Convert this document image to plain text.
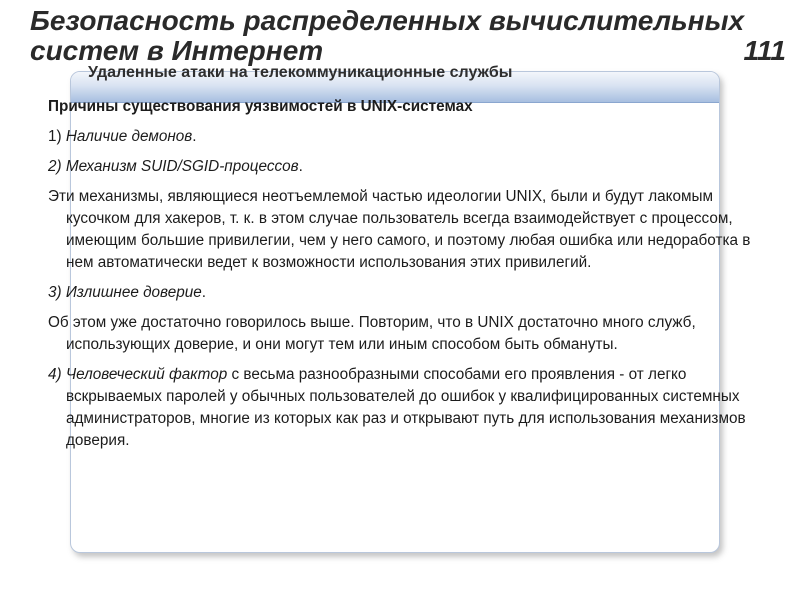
Безопасность распределенных вычислительных систем в Интернет	111
Удаленные атаки на телекоммуникационные службы

Причины существования уязвимостей в UNIX-системах

1) Наличие демонов.

2) Механизм SUID/SGID-процессов.

Эти механизмы, являющиеся неотъемлемой частью идеологии UNIX, были и будут лакомым кусочком для хакеров, т. к. в этом случае пользователь всегда взаимодействует с процессом, имеющим большие привилегии, чем у него самого, и поэтому любая ошибка или недоработка в нем автоматически ведет к возможности использования этих привилегий.

3) Излишнее доверие.

Об этом уже достаточно говорилось выше. Повторим, что в UNIX достаточно много служб, использующих доверие, и они могут тем или иным способом быть обмануты.

4) Человеческий фактор с весьма разнообразными способами его проявления - от легко вскрываемых паролей у обычных пользователей до ошибок у квалифицированных системных администраторов, многие из которых как раз и открывают путь для использования механизмов доверия.
